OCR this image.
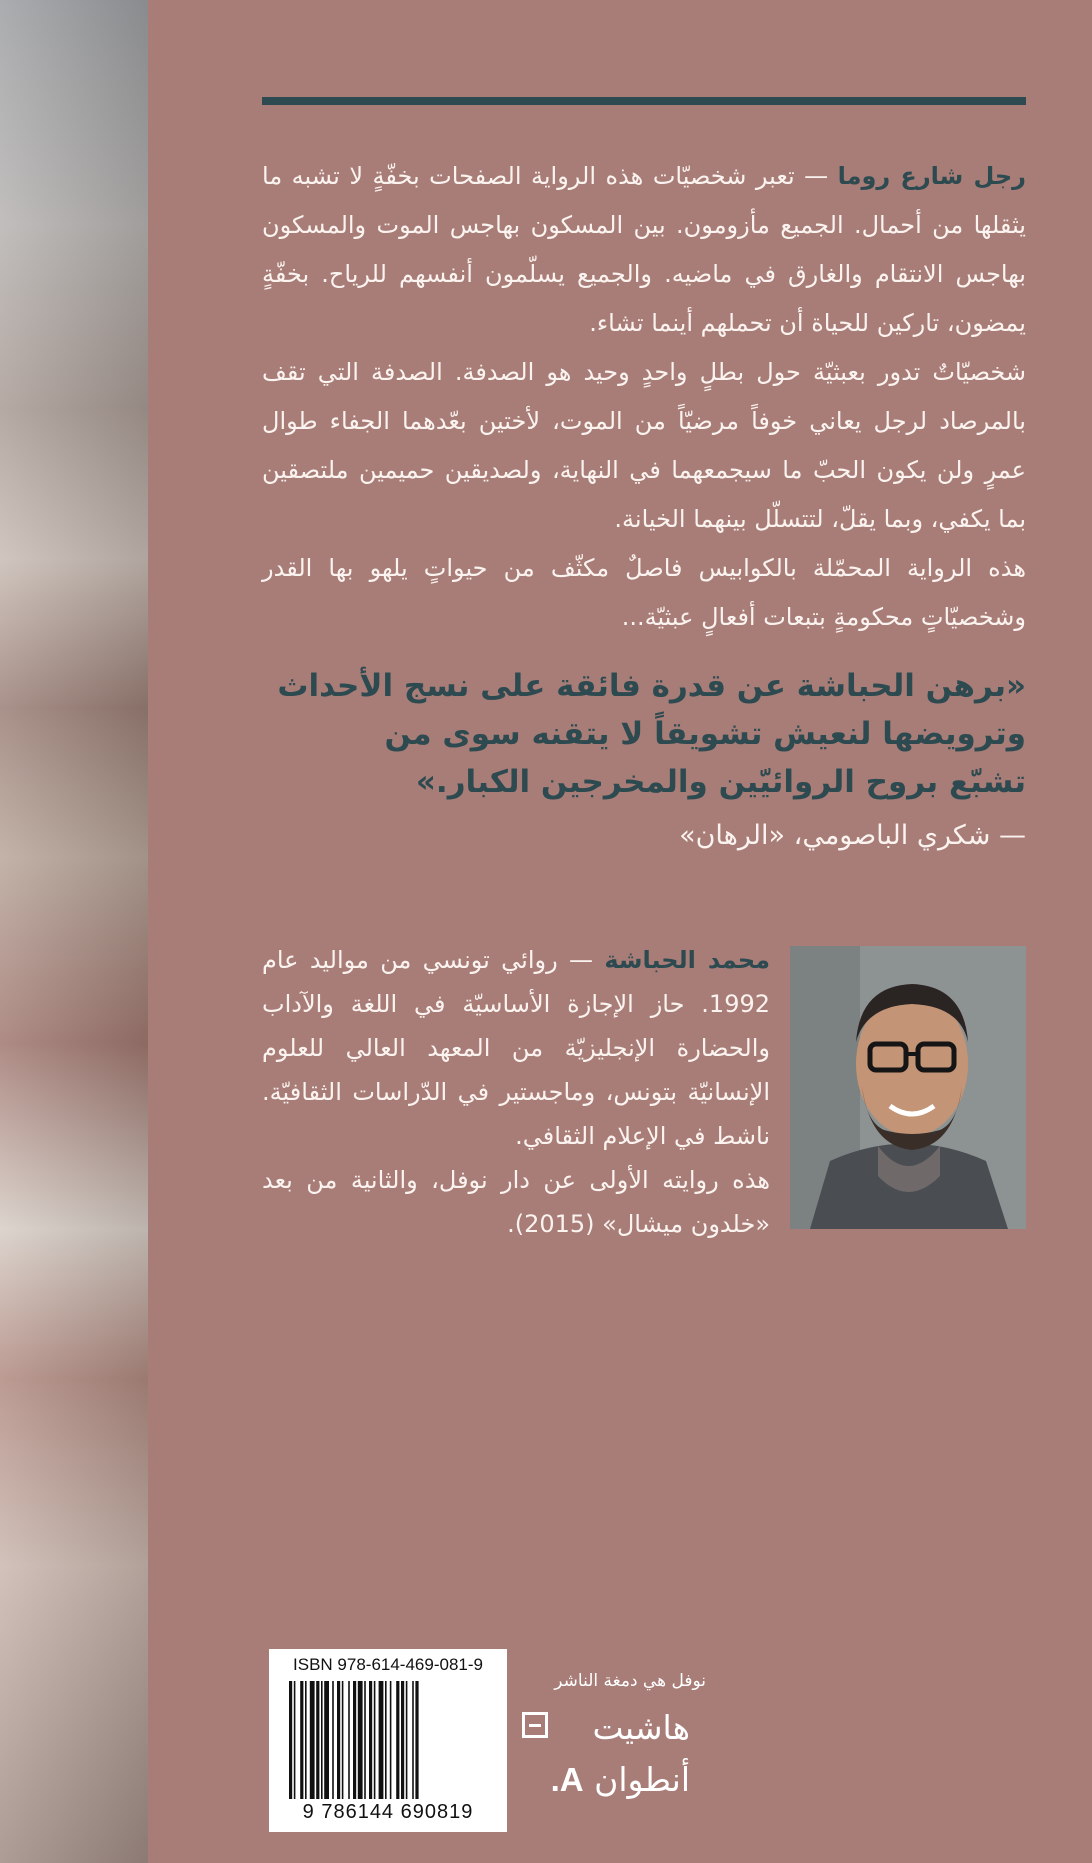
رجل شارع روما — تعبر شخصيّات هذه الرواية الصفحات بخفّةٍ لا تشبه ما يثقلها من أحمال. الجميع مأزومون. بين المسكون بهاجس الموت والمسكون بهاجس الانتقام والغارق في ماضيه. والجميع يسلّمون أنفسهم للرياح. بخفّةٍ يمضون، تاركين للحياة أن تحملهم أينما تشاء.

شخصيّاتٌ تدور بعبثيّة حول بطلٍ واحدٍ وحيد هو الصدفة. الصدفة التي تقف بالمرصاد لرجل يعاني خوفاً مرضيّاً من الموت، لأختين بعّدهما الجفاء طوال عمرٍ ولن يكون الحبّ ما سيجمعهما في النهاية، ولصديقين حميمين ملتصقين بما يكفي، وبما يقلّ، لتتسلّل بينهما الخيانة.

هذه الرواية المحمّلة بالكوابيس فاصلٌ مكثّف من حيواتٍ يلهو بها القدر وشخصيّاتٍ محكومةٍ بتبعات أفعالٍ عبثيّة...

«برهن الحباشة عن قدرة فائقة على نسج الأحداث

وترويضها لنعيش تشويقاً لا يتقنه سوى من

تشبّع بروح الروائيّين والمخرجين الكبار.»

— شكري الباصومي، «الرهان»

محمد الحباشة — روائي تونسي من مواليد عام 1992. حاز الإجازة الأساسيّة في اللغة والآداب والحضارة الإنجليزيّة من المعهد العالي للعلوم الإنسانيّة بتونس، وماجستير في الدّراسات الثقافيّة. ناشط في الإعلام الثقافي.

هذه روايته الأولى عن دار نوفل، والثانية من بعد «خلدون ميشال» (2015).

ISBN 978-614-469-081-9
9 786144 690819
نوفل هي دمغة الناشر
هاشيت
أنطوان A.
